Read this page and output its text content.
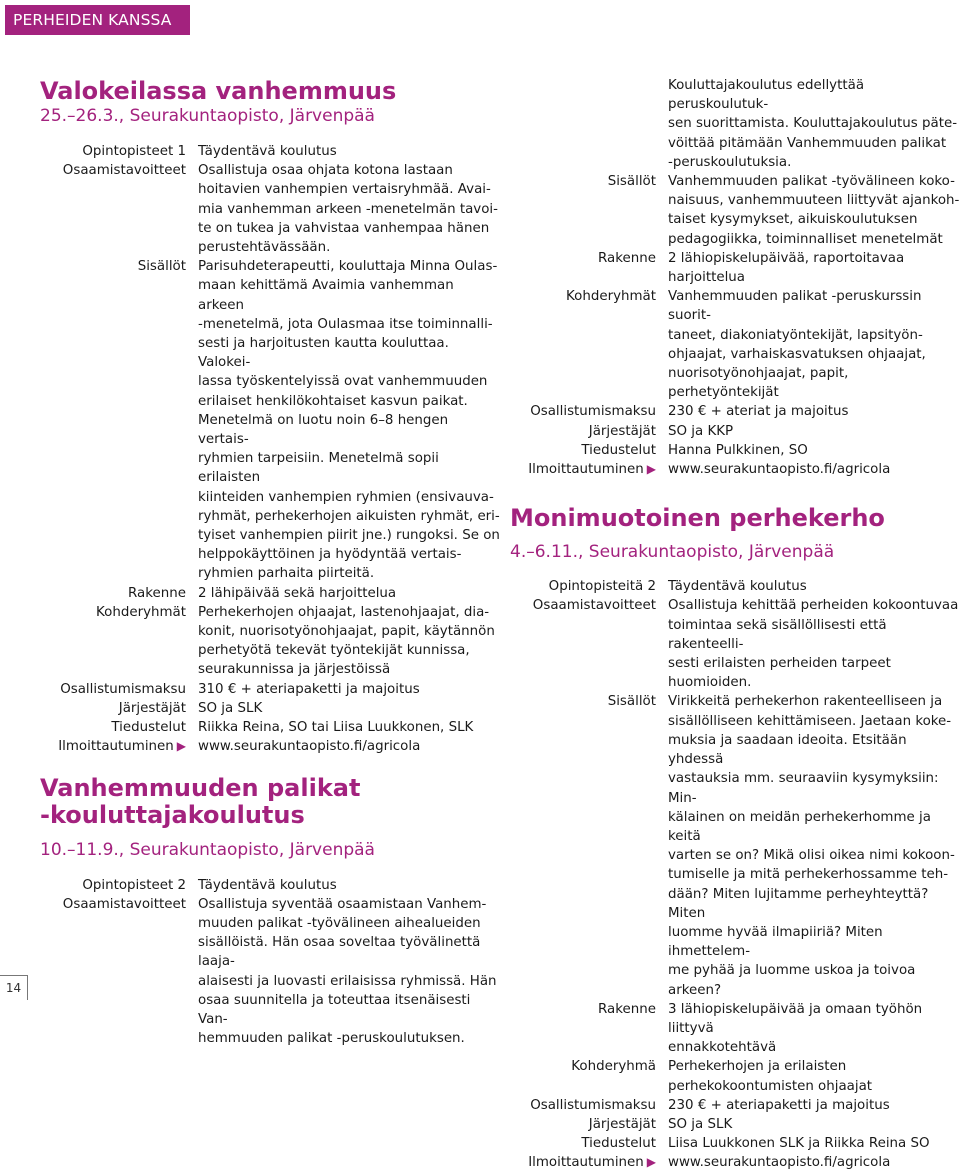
PERHEIDEN KANSSA
Valokeilassa vanhemmuus

25.–26.3., Seurakuntaopisto, Järvenpää

Opintopisteet 1 Täydentävä koulutus
Osaamistavoitteet Osallistuja osaa ohjata kotona lastaan
hoitavien vanhempien vertaisryhmää. Avai-
mia vanhemman arkeen -menetelmän tavoi-
te on tukea ja vahvistaa vanhempaa hänen
perustehtävässään.
Sisällöt Parisuhdeterapeutti, kouluttaja Minna Oulas-
maan kehittämä Avaimia vanhemman arkeen
-menetelmä, jota Oulasmaa itse toiminnalli-
sesti ja harjoitusten kautta kouluttaa. Valokei-
lassa työskentelyissä ovat vanhemmuuden
erilaiset henkilökohtaiset kasvun paikat.
Menetelmä on luotu noin 6–8 hengen vertais-
ryhmien tarpeisiin. Menetelmä sopii erilaisten
kiinteiden vanhempien ryhmien (ensivauva-
ryhmät, perhekerhojen aikuisten ryhmät, eri-
tyiset vanhempien piirit jne.) rungoksi. Se on
helppokäyttöinen ja hyödyntää vertais-
ryhmien parhaita piirteitä.
Rakenne 2 lähipäivää sekä harjoittelua
Kohderyhmät Perhekerhojen ohjaajat, lastenohjaajat, dia-
konit, nuorisotyönohjaajat, papit, käytännön
perhetyötä tekevät työntekijät kunnissa,
seurakunnissa ja järjestöissä
Osallistumismaksu 310 € + ateriapaketti ja majoitus
Järjestäjät SO ja SLK
Tiedustelut Riikka Reina, SO tai Liisa Luukkonen, SLK
Ilmoittautuminen ▶ www.seurakuntaopisto.fi/agricola
Vanhemmuuden palikat
-kouluttajakoulutus

10.–11.9., Seurakuntaopisto, Järvenpää

Opintopisteet 2 Täydentävä koulutus
Osaamistavoitteet Osallistuja syventää osaamistaan Vanhem-
muuden palikat -työvälineen aihealueiden
sisällöistä. Hän osaa soveltaa työvälinettä laaja-
alaisesti ja luovasti erilaisissa ryhmissä. Hän
osaa suunnitella ja toteuttaa itsenäisesti Van-
hemmuuden palikat -peruskoulutuksen.
Kouluttajakoulutus edellyttää peruskoulutuk-
sen suorittamista. Kouluttajakoulutus päte-
vöittää pitämään Vanhemmuuden palikat
-peruskoulutuksia.
Sisällöt Vanhemmuuden palikat -työvälineen koko-
naisuus, vanhemmuuteen liittyvät ajankoh-
taiset kysymykset, aikuiskoulutuksen
pedagogiikka, toiminnalliset menetelmät
Rakenne 2 lähiopiskelupäivää, raportoitavaa
harjoittelua
Kohderyhmät Vanhemmuuden palikat -peruskurssin suorit-
taneet, diakoniatyöntekijät, lapsityön-
ohjaajat, varhaiskasvatuksen ohjaajat,
nuorisotyönohjaajat, papit, perhetyöntekijät
Osallistumismaksu 230 € + ateriat ja majoitus
Järjestäjät SO ja KKP
Tiedustelut Hanna Pulkkinen, SO
Ilmoittautuminen ▶ www.seurakuntaopisto.fi/agricola
Monimuotoinen perhekerho

4.–6.11., Seurakuntaopisto, Järvenpää

Opintopisteitä 2 Täydentävä koulutus
Osaamistavoitteet Osallistuja kehittää perheiden kokoontuvaa
toimintaa sekä sisällöllisesti että rakenteelli-
sesti erilaisten perheiden tarpeet huomioiden.
Sisällöt Virikkeitä perhekerhon rakenteelliseen ja
sisällölliseen kehittämiseen. Jaetaan koke-
muksia ja saadaan ideoita. Etsitään yhdessä
vastauksia mm. seuraaviin kysymyksiin: Min-
kälainen on meidän perhekerhomme ja keitä
varten se on? Mikä olisi oikea nimi kokoon-
tumiselle ja mitä perhekerhossamme teh-
dään? Miten lujitamme perheyhteyttä? Miten
luomme hyvää ilmapiiriä? Miten ihmettelem-
me pyhää ja luomme uskoa ja toivoa arkeen?
Rakenne 3 lähiopiskelupäivää ja omaan työhön liittyvä
ennakkotehtävä
Kohderyhmä Perhekerhojen ja erilaisten
perhekokoontumisten ohjaajat
Osallistumismaksu 230 € + ateriapaketti ja majoitus
Järjestäjät SO ja SLK
Tiedustelut Liisa Luukkonen SLK ja Riikka Reina SO
Ilmoittautuminen ▶ www.seurakuntaopisto.fi/agricola
14
